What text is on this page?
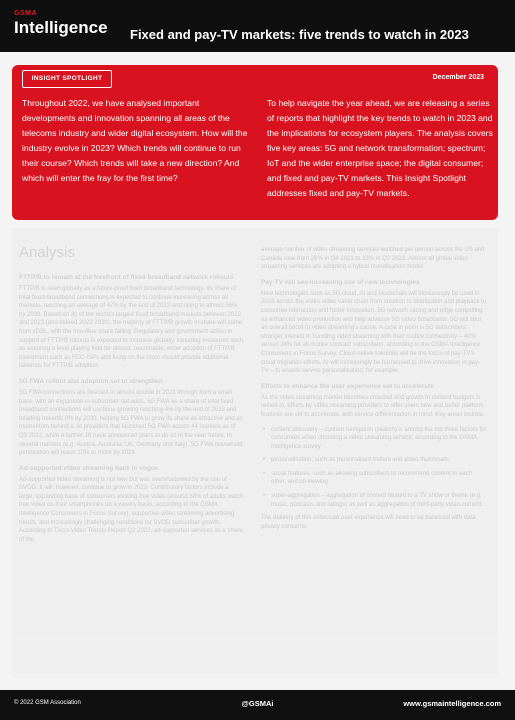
GSMA
Intelligence Fixed and pay-TV markets: five trends to watch in 2023
INSIGHT SPOTLIGHT	December 2023
Throughout 2022, we have analysed important developments and innovation spanning all areas of the telecoms industry and wider digital ecosystem. How will the industry evolve in 2023? Which trends will continue to run their course? Which trends will take a new direction? And which will enter the fray for the first time?
To help navigate the year ahead, we are releasing a series of reports that highlight the key trends to watch in 2023 and the implications for ecosystem players. The analysis covers five key areas: 5G and network transformation; spectrum; IoT and the wider enterprise space; the digital consumer; and fixed and pay-TV markets. This Insight Spotlight addresses fixed and pay-TV markets.
Analysis
FTTP/B to remain at the forefront of fixed broadband network rollouts
FTTP/B is seen globally as a future-proof fixed broadband technology. Its share of total fixed broadband connections is expected to continue increasing across all markets, reaching an average of 47% by the end of 2023 and rising to almost 56% by 2030. Based on 30 of the world’s largest fixed broadband markets between 2022 and 2023 (and indeed 2022-2030), the majority of FTTP/B growth in share will come from xDSL, with the non-fibre share falling. Regulatory and government action in support of FTTP/B rollouts is expected to increase globally, including measures such as ensuring a level playing field for almost, reasonable, wider adoption of FTTP/B investment such as FCC-ISPs and fixing on the room should provide additional tailwinds for FTTP/B adoption.
5G FWA rollout and adoption set to strengthen
5G FWA connections are forecast to almost double in 2023 through from a small base, with an expansion in subscriber net adds. 5G FWA as a share of total fixed broadband connections will continue growing reaching 4% by the end of 2023 and heading towards 8% by 2030, helping 5G FWA to grow its share as attractive and as momentum behind it. At providers that launched 5G FWA across 44 markets as of Q3 2022, while a further 16 have announced plans to do so in the near future. In several markets (e.g. Austria, Australia, UK, Germany and Italy), 5G FWA household penetration will reach 10% or more by 2023.
Ad-supported video streaming back in vogue
Ad-supported video streaming is not new but was overshadowed by the rise of SVOD. It will, however, continue to grow in 2023. Contributory factors include a large, expanding base of consumers viewing free video (around 68% of adults watch free video on their smartphones on a weekly basis, according to the GSMA Intelligence Consumers in Focus Survey), supportive video streaming advertising trends, and increasingly challenging conditions for SVOD subscriber growth. According to Tivo’s Video Trends Report Q2 2022, ad-supported services as a share of the
average number of video streaming services watched per person across the US and Canada rose from 26% in Q4 2021 to 33% in Q2 2022. Almost all global video streaming services are adopting a hybrid monetisation model.
Pay-TV will see increasing use of new technologies
New technologies such as 5G cloud, AI and blockchain will increasingly be used in 2023 across the entire video value chain from creation to distribution and playback to consumer interaction and faster innovation. 5G network slicing and edge computing as enhanced video production and help advance 5G video broadcasts. 5G will spur an overall boost to video streaming’s cause. A case in point is 5G subscribers’ stronger interest in bundling video streaming with their mobile connectivity – 40% versus 34% for all mobile contract subscribers, according to the GSMA Intelligence Consumers in Focus Survey. Cloud-native solutions will be the focus of pay-TV’s cloud migration efforts. AI will increasingly be harnessed to drive innovation in pay-TV – to enable service personalisation, for example.
Efforts to enhance the user experience set to accelerate
As the video streaming market becomes crowded and growth in content budgets is reined in, efforts by video streaming providers to offer users new and better platform features are set to accelerate, with service differentiation in mind. Key areas include:
• content discovery – content navigation (search) is among the top three factors for consumers when choosing a video streaming service, according to the GSMA Intelligence survey
• personalisation, such as personalised trailers and video thumbnails
• social features, such as allowing subscribers to recommend content to each other, and co-viewing
• super-aggregation – aggregation of content related to a TV show or theme (e.g. music, podcasts and ratings) as well as aggregation of third-party video content.
The delivery of this enhanced user experience will need to be balanced with data privacy concerns.
© 2022 GSM Association	@GSMAi	www.gsmaintelligence.com
